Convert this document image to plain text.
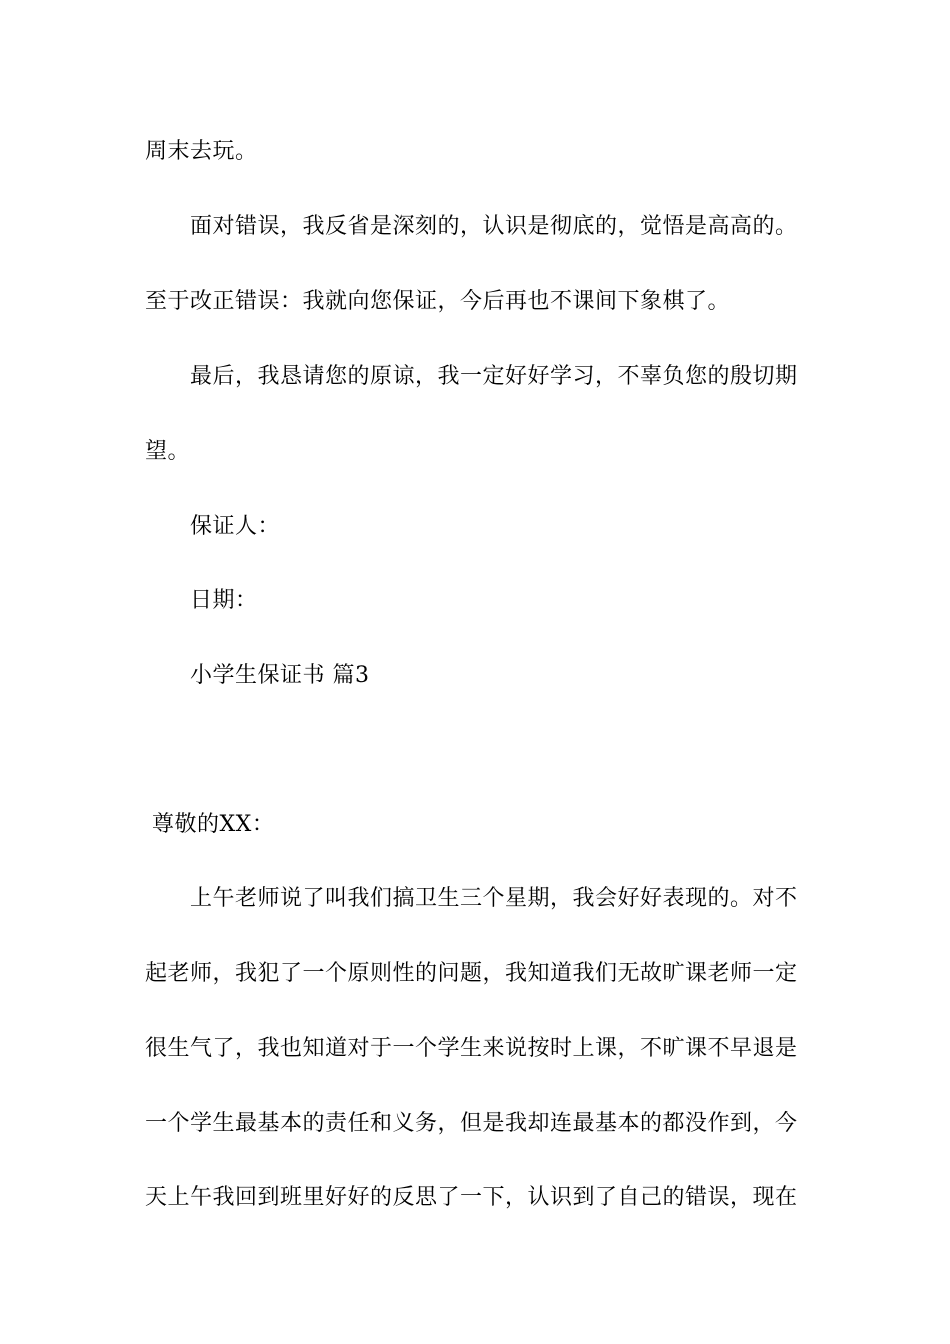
周末去玩。
面对错误，我反省是深刻的，认识是彻底的，觉悟是高高的。
至于改正错误：我就向您保证，今后再也不课间下象棋了。
最后，我恳请您的原谅，我一定好好学习，不辜负您的殷切期
望。
保证人：
日期：
小学生保证书 篇3
尊敬的XX：
上午老师说了叫我们搞卫生三个星期，我会好好表现的。对不
起老师，我犯了一个原则性的问题，我知道我们无故旷课老师一定
很生气了，我也知道对于一个学生来说按时上课，不旷课不早退是
一个学生最基本的责任和义务，但是我却连最基本的都没作到，今
天上午我回到班里好好的反思了一下，认识到了自己的错误，现在
